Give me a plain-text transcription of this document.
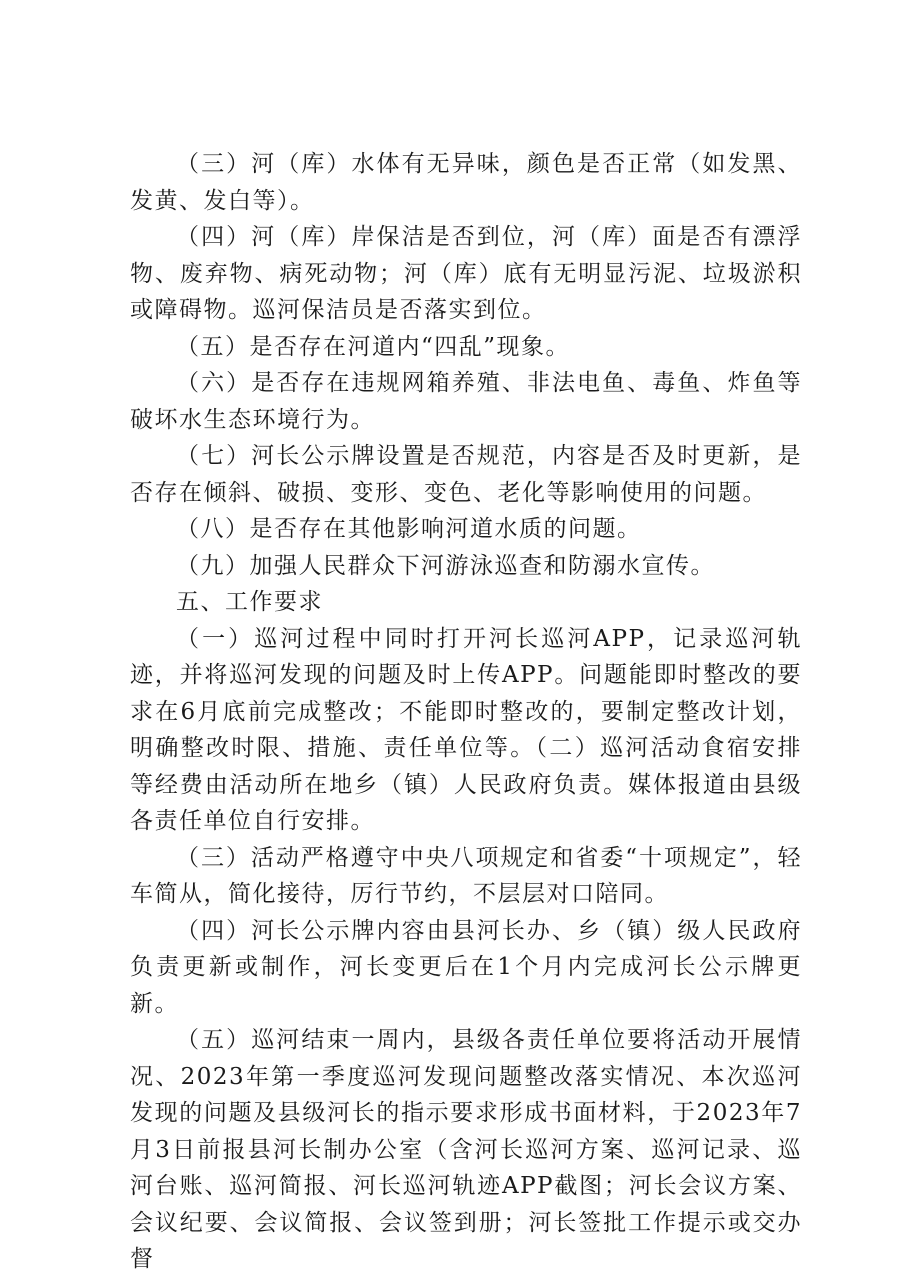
（三）河（库）水体有无异味，颜色是否正常（如发黑、发黄、发白等）。

（四）河（库）岸保洁是否到位，河（库）面是否有漂浮物、废弃物、病死动物；河（库）底有无明显污泥、垃圾淤积或障碍物。巡河保洁员是否落实到位。

（五）是否存在河道内“四乱”现象。

（六）是否存在违规网箱养殖、非法电鱼、毒鱼、炸鱼等破坏水生态环境行为。

（七）河长公示牌设置是否规范，内容是否及时更新，是否存在倾斜、破损、变形、变色、老化等影响使用的问题。

（八）是否存在其他影响河道水质的问题。

（九）加强人民群众下河游泳巡查和防溺水宣传。

五、工作要求

（一）巡河过程中同时打开河长巡河APP，记录巡河轨迹，并将巡河发现的问题及时上传APP。问题能即时整改的要求在6月底前完成整改；不能即时整改的，要制定整改计划，明确整改时限、措施、责任单位等。（二）巡河活动食宿安排等经费由活动所在地乡（镇）人民政府负责。媒体报道由县级各责任单位自行安排。

（三）活动严格遵守中央八项规定和省委“十项规定”，轻车简从，简化接待，厉行节约，不层层对口陪同。

（四）河长公示牌内容由县河长办、乡（镇）级人民政府负责更新或制作，河长变更后在1个月内完成河长公示牌更新。

（五）巡河结束一周内，县级各责任单位要将活动开展情况、2023年第一季度巡河发现问题整改落实情况、本次巡河发现的问题及县级河长的指示要求形成书面材料，于2023年7月3日前报县河长制办公室（含河长巡河方案、巡河记录、巡河台账、巡河简报、河长巡河轨迹APP截图；河长会议方案、会议纪要、会议简报、会议签到册；河长签批工作提示或交办督
